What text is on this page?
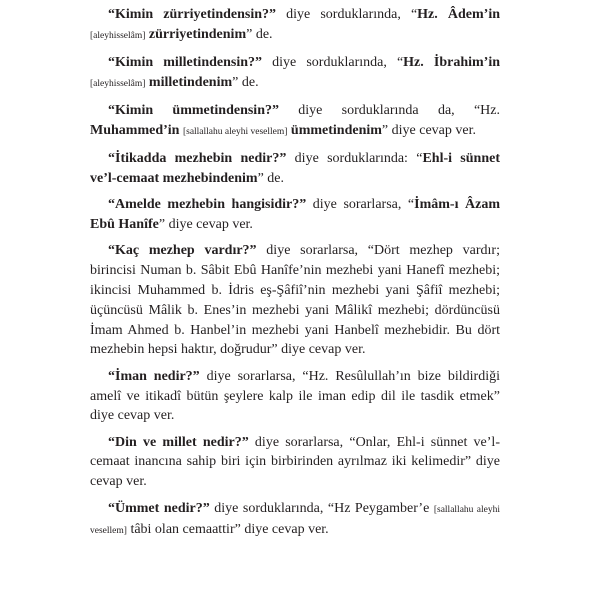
“Kimin zürriyetindensin?” diye sorduklarında, “Hz. Âdem’in [aleyhisselâm] zürriyetindenim” de.

“Kimin milletindensin?” diye sorduklarında, “Hz. İbrahim’in [aleyhisselâm] milletindenim” de.

“Kimin ümmetindensin?” diye sorduklarında da, “Hz. Muhammed’in [sallallahu aleyhi vesellem] ümmetindenim” diye cevap ver.

“İtikadda mezhebin nedir?” diye sorduklarında: “Ehl-i sünnet ve’l-cemaat mezhebindenim” de.

“Amelde mezhebin hangisidir?” diye sorarlarsa, “İmâm-ı Âzam Ebû Hanîfe” diye cevap ver.

“Kaç mezhep vardır?” diye sorarlarsa, “Dört mezhep vardır; birincisi Numan b. Sâbit Ebû Hanîfe’nin mezhebi yani Hanefî mezhebi; ikincisi Muhammed b. İdris eş-Şâfiî’nin mezhebi yani Şâfiî mezhebi; üçüncüsü Mâlik b. Enes’in mezhebi yani Mâlikî mezhebi; dördüncüsü İmam Ahmed b. Hanbel’in mezhebi yani Hanbelî mezhebidir. Bu dört mezhebin hepsi haktır, doğrudur” diye cevap ver.

“İman nedir?” diye sorarlarsa, “Hz. Resûlullah’ın bize bildirdiği amelî ve itikadî bütün şeylere kalp ile iman edip dil ile tasdik etmek” diye cevap ver.

“Din ve millet nedir?” diye sorarlarsa, “Onlar, Ehl-i sünnet ve’l-cemaat inancına sahip biri için birbirinden ayrılmaz iki kelimedir” diye cevap ver.

“Ümmet nedir?” diye sorduklarında, “Hz Peygamber’e [sallallahu aleyhi vesellem] tâbi olan cemaattir” diye cevap ver.
